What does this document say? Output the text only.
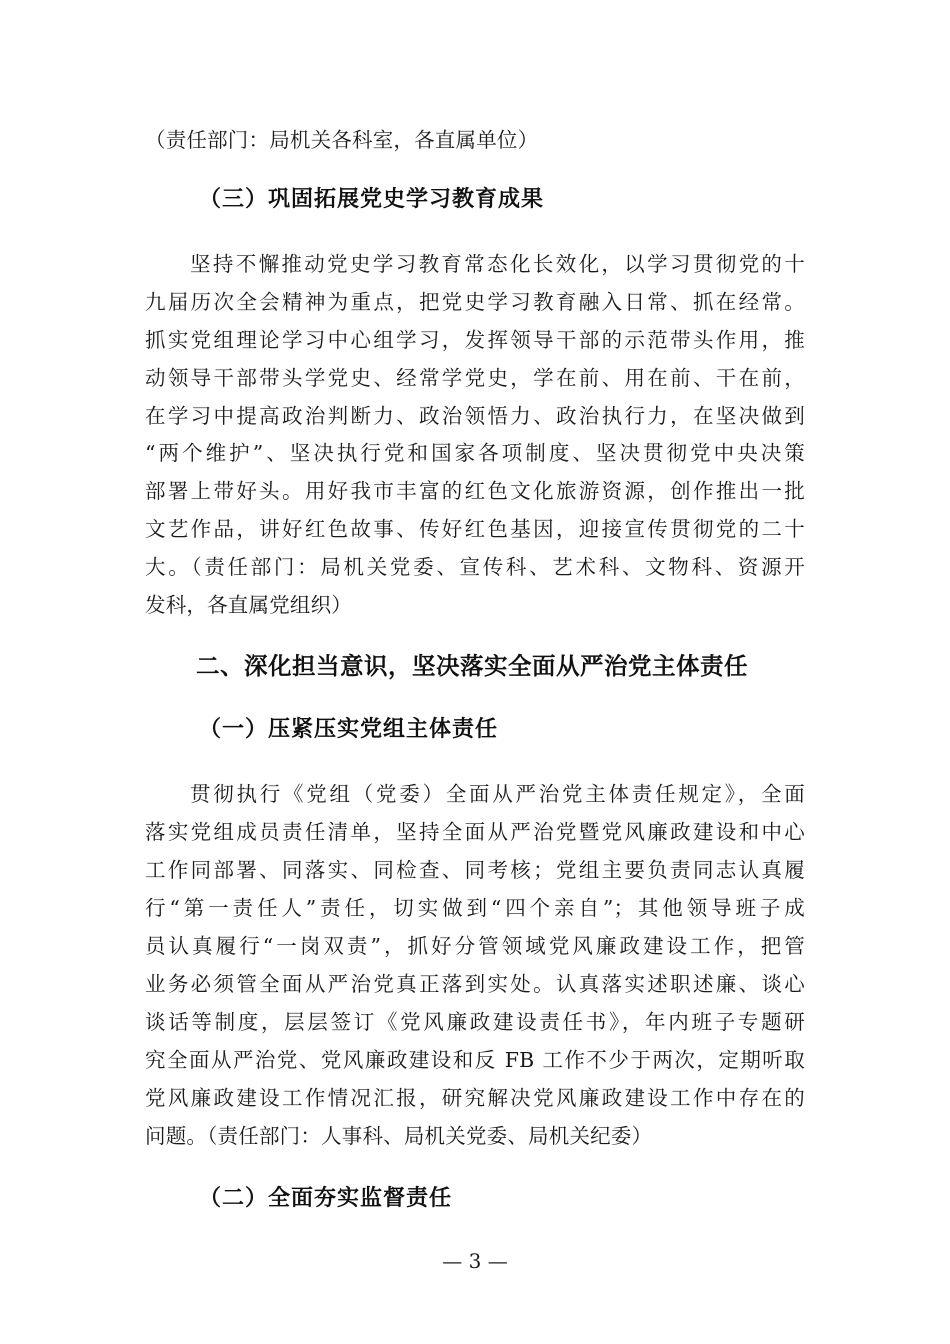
（责任部门：局机关各科室，各直属单位）
（三）巩固拓展党史学习教育成果
坚持不懈推动党史学习教育常态化长效化，以学习贯彻党的十
九届历次全会精神为重点，把党史学习教育融入日常、抓在经常。
抓实党组理论学习中心组学习，发挥领导干部的示范带头作用，推
动领导干部带头学党史、经常学党史，学在前、用在前、干在前，
在学习中提高政治判断力、政治领悟力、政治执行力，在坚决做到
“两个维护”、坚决执行党和国家各项制度、坚决贯彻党中央决策
部署上带好头。用好我市丰富的红色文化旅游资源，创作推出一批
文艺作品，讲好红色故事、传好红色基因，迎接宣传贯彻党的二十
大。（责任部门：局机关党委、宣传科、艺术科、文物科、资源开
发科，各直属党组织）
二、深化担当意识，坚决落实全面从严治党主体责任
（一）压紧压实党组主体责任
贯彻执行《党组（党委）全面从严治党主体责任规定》，全面
落实党组成员责任清单，坚持全面从严治党暨党风廉政建设和中心
工作同部署、同落实、同检查、同考核；党组主要负责同志认真履
行“第一责任人”责任，切实做到“四个亲自”；其他领导班子成
员认真履行“一岗双责”，抓好分管领域党风廉政建设工作，把管
业务必须管全面从严治党真正落到实处。认真落实述职述廉、谈心
谈话等制度，层层签订《党风廉政建设责任书》，年内班子专题研
究全面从严治党、党风廉政建设和反 FB 工作不少于两次，定期听取
党风廉政建设工作情况汇报，研究解决党风廉政建设工作中存在的
问题。（责任部门：人事科、局机关党委、局机关纪委）
（二）全面夯实监督责任
— 3 —
